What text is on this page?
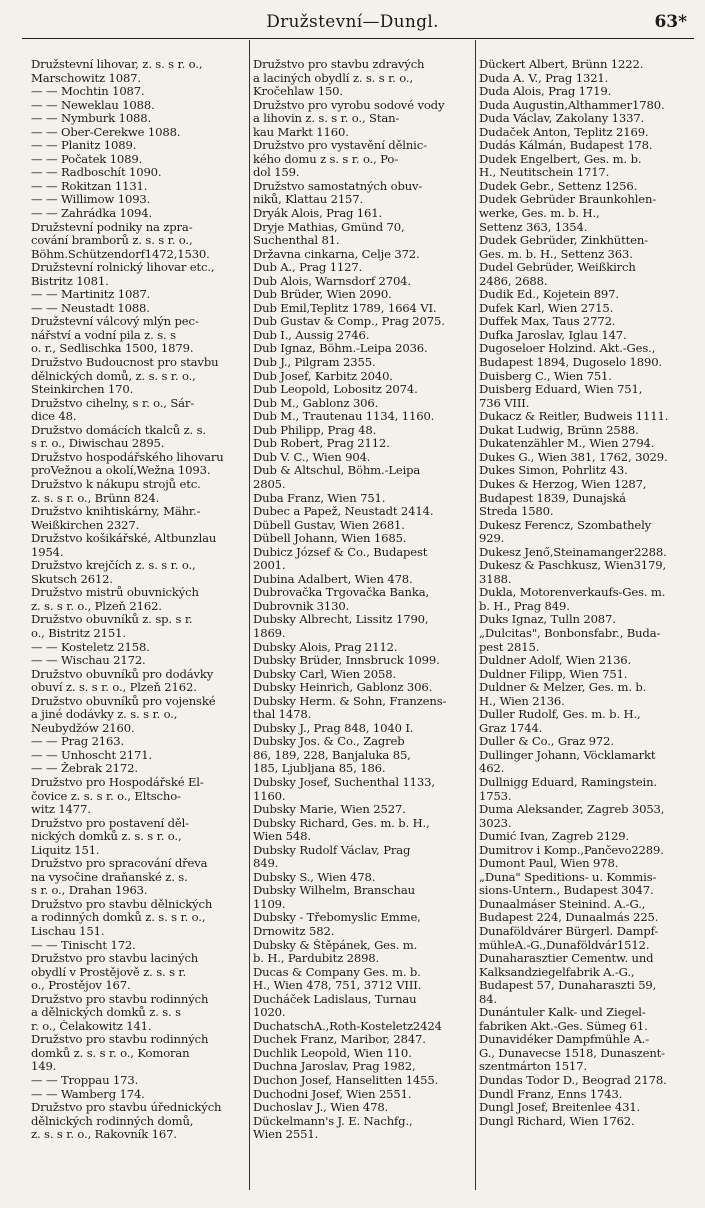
Družstevní—Dungl.	63*
Družstevní lihovar, z. s. s r. o.,
Marschowitz 1087.
— — Mochtin 1087.
— — Neweklau 1088.
— — Nymburk 1088.
— — Ober-Cerekwe 1088.
— — Planitz 1089.
— — Počatek 1089.
— — Radboschít 1090.
— — Rokitzan 1131.
— — Willimow 1093.
— — Zahrádka 1094.
Družstevní podniky na zpra-
cování bramborů z. s. s r. o.,
Böhm.Schützendorf1472,1530.
Družstevní rolnický lihovar etc.,
Bistritz 1081.
— — Martinitz 1087.
— — Neustadt 1088.
Družstevní válcový mlýn pec-
nářství a vodní pila z. s. s
o. r., Sedlischka 1500, 1879.
Družstvo Budoucnost pro stavbu
dělnických domů, z. s. s r. o.,
Steinkirchen 170.
Družstvo cihelny, s r. o., Sár-
dice 48.
Družstvo domácích tkalců z. s.
s r. o., Diwischau 2895.
Družstvo hospodářského lihovaru
proVežnou a okolí,Wežna 1093.
Družstvo k nákupu strojů etc.
z. s. s r. o., Brünn 824.
Družstvo knihtiskárny, Mähr.-
Weißkirchen 2327.
Družstvo košikářské, Altbunzlau
1954.
Družstvo krejčích z. s. s r. o.,
Skutsch 2612.
Družstvo mistrů obuvnických
z. s. s r. o., Plzeň 2162.
Družstvo obuvníků z. sp. s r.
o., Bistritz 2151.
— — Kosteletz 2158.
— — Wischau 2172.
Družstvo obuvníků pro dodávky
obuví z. s. s r. o., Plzeň 2162.
Družstvo obuvníků pro vojenské
a jiné dodávky z. s. s r. o.,
Neubydžów 2160.
— — Prag 2163.
— — Unhoscht 2171.
— — Žebrak 2172.
Družstvo pro Hospodářské El-
čovice z. s. s r. o., Eltscho-
witz 1477.
Družstvo pro postavení děl-
nických domků z. s. s r. o.,
Liquitz 151.
Družstvo pro spracování dřeva
na vysočine draňanské z. s.
s r. o., Drahan 1963.
Družstvo pro stavbu dělnických
a rodinných domků z. s. s r. o.,
Lischau 151.
— — Tinischt 172.
Družstvo pro stavbu laciných
obydlí v Prostějově z. s. s r.
o., Prostějov 167.
Družstvo pro stavbu rodinných
a dělnických domků z. s. s
r. o., Čelakowitz 141.
Družstvo pro stavbu rodinných
domků z. s. s r. o., Komoran
149.
— — Troppau 173.
— — Wamberg 174.
Družstvo pro stavbu úřednických
dělnických rodinných domů,
z. s. s r. o., Rakovník 167.
Družstvo pro stavbu zdravých
a laciných obydlí z. s. s r. o.,
Kročehlaw 150.
Družstvo pro vyrobu sodové vody
a lihovin z. s. s r. o., Stan-
kau Markt 1160.
Družstvo pro vystavění dělnic-
kého domu z s. s r. o., Po-
dol 159.
Družstvo samostatných obuv-
niků, Klattau 2157.
Dryák Alois, Prag 161.
Dryje Mathias, Gmünd 70,
Suchenthal 81.
Državna cinkarna, Celje 372.
Dub A., Prag 1127.
Dub Alois, Warnsdorf 2704.
Dub Brüder, Wien 2090.
Dub Emil,Teplitz 1789, 1664 VI.
Dub Gustav & Comp., Prag 2075.
Dub I., Aussig 2746.
Dub Ignaz, Böhm.-Leipa 2036.
Dub J., Pilgram 2355.
Dub Josef, Karbitz 2040.
Dub Leopold, Lobositz 2074.
Dub M., Gablonz 306.
Dub M., Trautenau 1134, 1160.
Dub Philipp, Prag 48.
Dub Robert, Prag 2112.
Dub V. C., Wien 904.
Dub & Altschul, Böhm.-Leipa
2805.
Duba Franz, Wien 751.
Dubec a Papež, Neustadt 2414.
Dübell Gustav, Wien 2681.
Dübell Johann, Wien 1685.
Dubicz József & Co., Budapest
2001.
Dubina Adalbert, Wien 478.
Dubrovačka Trgovačka Banka,
Dubrovnik 3130.
Dubsky Albrecht, Lissitz 1790,
1869.
Dubsky Alois, Prag 2112.
Dubsky Brüder, Innsbruck 1099.
Dubsky Carl, Wien 2058.
Dubsky Heinrich, Gablonz 306.
Dubsky Herm. & Sohn, Franzens-
thal 1478.
Dubsky J., Prag 848, 1040 I.
Dubsky Jos. & Co., Zagreb
86, 189, 228, Banjaluka 85,
185, Ljubljana 85, 186.
Dubsky Josef, Suchenthal 1133,
1160.
Dubsky Marie, Wien 2527.
Dubsky Richard, Ges. m. b. H.,
Wien 548.
Dubsky Rudolf Václav, Prag
849.
Dubsky S., Wien 478.
Dubsky Wilhelm, Branschau
1109.
Dubsky - Třebomyslic Emme,
Drnowitz 582.
Dubsky & Štěpánek, Ges. m.
b. H., Pardubitz 2898.
Ducas & Company Ges. m. b.
H., Wien 478, 751, 3712 VIII.
Ducháček Ladislaus, Turnau
1020.
DuchatschA.,Roth-Kosteletz2424
Duchek Franz, Maribor, 2847.
Duchlik Leopold, Wien 110.
Duchna Jaroslav, Prag 1982,
Duchon Josef, Hanselitten 1455.
Duchodni Josef, Wien 2551.
Duchoslav J., Wien 478.
Dückelmann's J. E. Nachfg.,
Wien 2551.
Dückert Albert, Brünn 1222.
Duda A. V., Prag 1321.
Duda Alois, Prag 1719.
Duda Augustin,Althammer1780.
Duda Václav, Zakolany 1337.
Dudaček Anton, Teplitz 2169.
Dudás Kálmán, Budapest 178.
Dudek Engelbert, Ges. m. b.
H., Neutitschein 1717.
Dudek Gebr., Settenz 1256.
Dudek Gebrüder Braunkohlen-
werke, Ges. m. b. H.,
Settenz 363, 1354.
Dudek Gebrüder, Zinkhütten-
Ges. m. b. H., Settenz 363.
Dudel Gebrüder, Weißkirch
2486, 2688.
Dudik Ed., Kojetein 897.
Dufek Karl, Wien 2715.
Duffek Max, Taus 2772.
Dufka Jaroslav, Iglau 147.
Dugoseloer Holzind. Akt.-Ges.,
Budapest 1894, Dugoselo 1890.
Duisberg C., Wien 751.
Duisberg Eduard, Wien 751,
736 VIII.
Dukacz & Reitler, Budweis 1111.
Dukat Ludwig, Brünn 2588.
Dukatenzähler M., Wien 2794.
Dukes G., Wien 381, 1762, 3029.
Dukes Simon, Pohrlitz 43.
Dukes & Herzog, Wien 1287,
Budapest 1839, Dunajská
Streda 1580.
Dukesz Ferencz, Szombathely
929.
Dukesz Jenő,Steinamanger2288.
Dukesz & Paschkusz, Wien3179,
3188.
Dukla, Motorenverkaufs-Ges. m.
b. H., Prag 849.
Duks Ignaz, Tulln 2087.
„Dulcitas", Bonbonsfabr., Buda-
pest 2815.
Duldner Adolf, Wien 2136.
Duldner Filipp, Wien 751.
Duldner & Melzer, Ges. m. b.
H., Wien 2136.
Duller Rudolf, Ges. m. b. H.,
Graz 1744.
Duller & Co., Graz 972.
Dullinger Johann, Vöcklamarkt
462.
Dullnigg Eduard, Ramingstein.
1753.
Duma Aleksander, Zagreb 3053,
3023.
Dumić Ivan, Zagreb 2129.
Dumitrov i Komp.,Pančevo2289.
Dumont Paul, Wien 978.
„Duna" Speditions- u. Kommis-
sions-Untern., Budapest 3047.
Dunaalmáser Steinind. A.-G.,
Budapest 224, Dunaalmás 225.
Dunaföldvárer Bürgerl. Dampf-
mühleA.-G.,Dunaföldvár1512.
Dunaharasztier Cementw. und
Kalksandziegelfabrik A.-G.,
Budapest 57, Dunaharaszti 59,
84.
Dunántuler Kalk- und Ziegel-
fabriken Akt.-Ges. Sümeg 61.
Dunavidéker Dampfmühle A.-
G., Dunavecse 1518, Dunaszent-
szentmárton 1517.
Dundas Todor D., Beograd 2178.
Dundl Franz, Enns 1743.
Dungl Josef, Breitenlee 431.
Dungl Richard, Wien 1762.
